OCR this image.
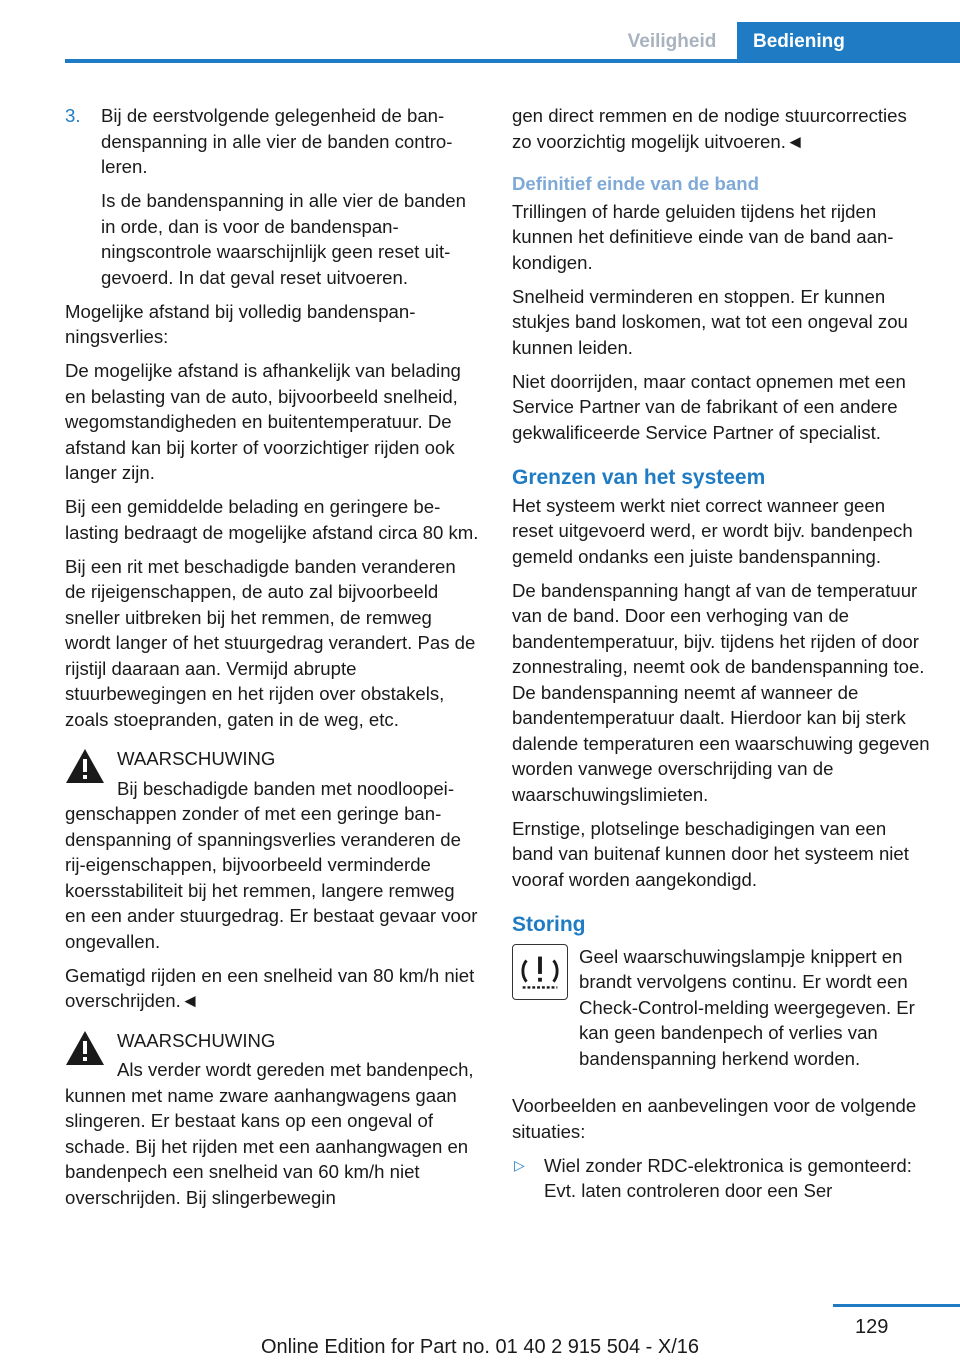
Veiligheid	Bediening
3. Bij de eerstvolgende gelegenheid de bandenspanning in alle vier de banden controleren.

Is de bandenspanning in alle vier de banden in orde, dan is voor de bandenspanningscontrole waarschijnlijk geen reset uitgevoerd. In dat geval reset uitvoeren.

Mogelijke afstand bij volledig bandenspanningsverlies:

De mogelijke afstand is afhankelijk van belading en belasting van de auto, bijvoorbeeld snelheid, wegomstandigheden en buitentemperatuur. De afstand kan bij korter of voorzichtiger rijden ook langer zijn.

Bij een gemiddelde belading en geringere belasting bedraagt de mogelijke afstand circa 80 km.

Bij een rit met beschadigde banden veranderen de rijeigenschappen, de auto zal bijvoorbeeld sneller uitbreken bij het remmen, de remweg wordt langer of het stuurgedrag verandert. Pas de rijstijl daaraan aan. Vermijd abrupte stuurbewegingen en het rijden over obstakels, zoals stoepranden, gaten in de weg, etc.

WAARSCHUWING

Bij beschadigde banden met noodloopeigenschappen zonder of met een geringe bandenspanning of spanningsverlies veranderen de rij-eigenschappen, bijvoorbeeld verminderde koersstabiliteit bij het remmen, langere remweg en een ander stuurgedrag. Er bestaat gevaar voor ongevallen.

Gematigd rijden en een snelheid van 80 km/h niet overschrijden.◄

WAARSCHUWING

Als verder wordt gereden met bandenpech, kunnen met name zware aanhangwagens gaan slingeren. Er bestaat kans op een ongeval of schade. Bij het rijden met een aanhangwagen en bandenpech een snelheid van 60 km/h niet overschrijden. Bij slingerbewegin

gen direct remmen en de nodige stuurcorrecties zo voorzichtig mogelijk uitvoeren.◄

Definitief einde van de band

Trillingen of harde geluiden tijdens het rijden kunnen het definitieve einde van de band aankondigen.

Snelheid verminderen en stoppen. Er kunnen stukjes band loskomen, wat tot een ongeval zou kunnen leiden.

Niet doorrijden, maar contact opnemen met een Service Partner van de fabrikant of een andere gekwalificeerde Service Partner of specialist.

Grenzen van het systeem

Het systeem werkt niet correct wanneer geen reset uitgevoerd werd, er wordt bijv. bandenpech gemeld ondanks een juiste bandenspanning.

De bandenspanning hangt af van de temperatuur van de band. Door een verhoging van de bandentemperatuur, bijv. tijdens het rijden of door zonnestraling, neemt ook de bandenspanning toe. De bandenspanning neemt af wanneer de bandentemperatuur daalt. Hierdoor kan bij sterk dalende temperaturen een waarschuwing gegeven worden vanwege overschrijding van de waarschuwingslimieten.

Ernstige, plotselinge beschadigingen van een band van buitenaf kunnen door het systeem niet vooraf worden aangekondigd.

Storing

Geel waarschuwingslampje knippert en brandt vervolgens continu. Er wordt een Check-Control-melding weergegeven. Er kan geen bandenpech of verlies van bandenspanning herkend worden.

Voorbeelden en aanbevelingen voor de volgende situaties:

▷ Wiel zonder RDC-elektronica is gemonteerd: Evt. laten controleren door een Ser

129
Online Edition for Part no. 01 40 2 915 504 - X/16
